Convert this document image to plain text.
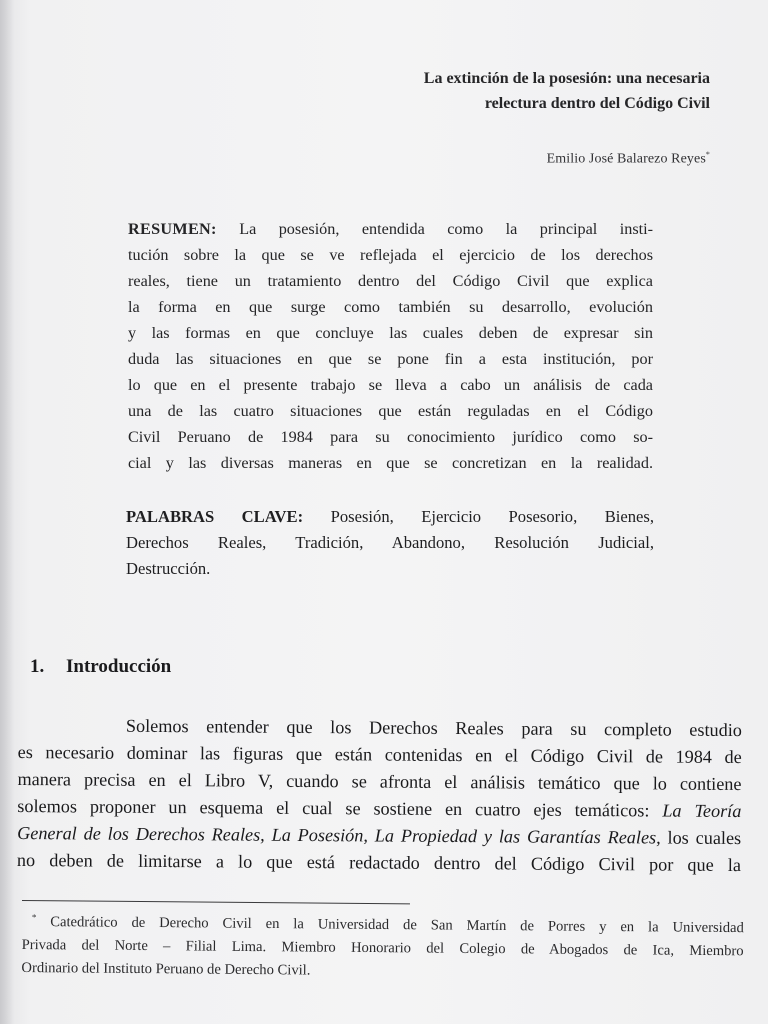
La extinción de la posesión: una necesaria
relectura dentro del Código Civil
Emilio José Balarezo Reyes*
RESUMEN: La posesión, entendida como la principal insti-
tución sobre la que se ve reflejada el ejercicio de los derechos
reales, tiene un tratamiento dentro del Código Civil que explica
la forma en que surge como también su desarrollo, evolución
y las formas en que concluye las cuales deben de expresar sin
duda las situaciones en que se pone fin a esta institución, por
lo que en el presente trabajo se lleva a cabo un análisis de cada
una de las cuatro situaciones que están reguladas en el Código
Civil Peruano de 1984 para su conocimiento jurídico como so-
cial y las diversas maneras en que se concretizan en la realidad.
PALABRAS CLAVE: Posesión, Ejercicio Posesorio, Bienes,
Derechos Reales, Tradición, Abandono, Resolución Judicial,
Destrucción.
1. Introducción
Solemos entender que los Derechos Reales para su completo estudio
es necesario dominar las figuras que están contenidas en el Código Civil de 1984 de
manera precisa en el Libro V, cuando se afronta el análisis temático que lo contiene
solemos proponer un esquema el cual se sostiene en cuatro ejes temáticos: La Teoría
General de los Derechos Reales, La Posesión, La Propiedad y las Garantías Reales, los cuales
no deben de limitarse a lo que está redactado dentro del Código Civil por que la
* Catedrático de Derecho Civil en la Universidad de San Martín de Porres y en la Universidad
Privada del Norte – Filial Lima. Miembro Honorario del Colegio de Abogados de Ica, Miembro
Ordinario del Instituto Peruano de Derecho Civil.
